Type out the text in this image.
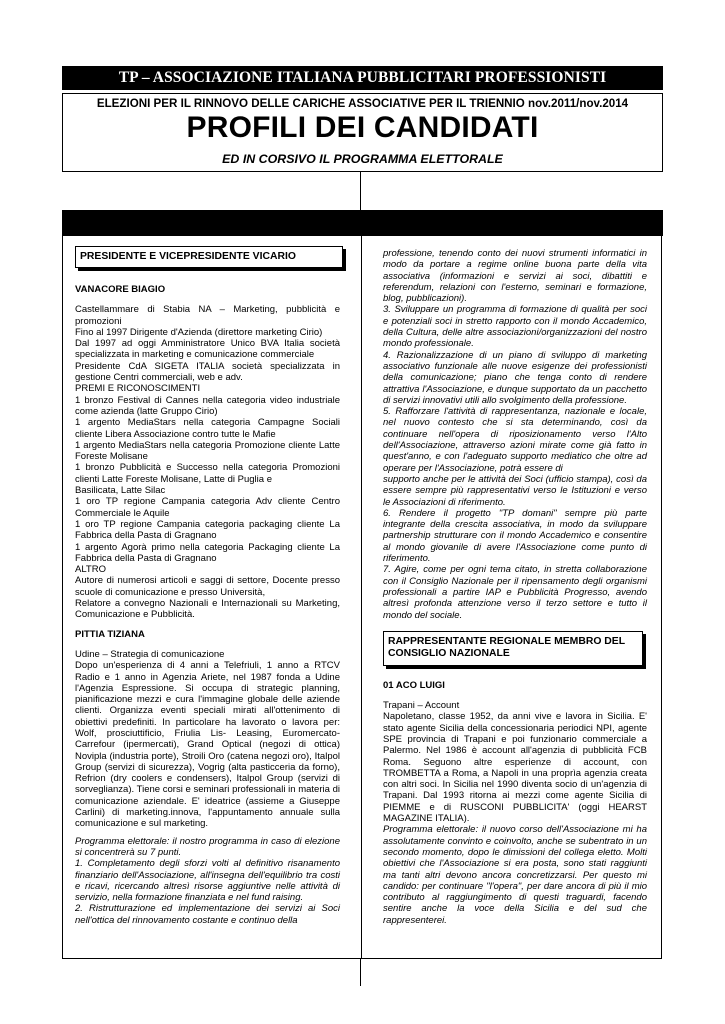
TP – ASSOCIAZIONE ITALIANA PUBBLICITARI PROFESSIONISTI
ELEZIONI PER IL RINNOVO DELLE CARICHE ASSOCIATIVE PER IL TRIENNIO nov.2011/nov.2014
PROFILI DEI CANDIDATI
ED IN CORSIVO IL PROGRAMMA ELETTORALE
PRESIDENTE E VICEPRESIDENTE VICARIO

VANACORE BIAGIO

Castellammare di Stabia NA – Marketing, pubblicità e promozioni

Fino al 1997 Dirigente d'Azienda (direttore marketing Cirio)

Dal 1997 ad oggi Amministratore Unico BVA Italia società specializzata in marketing e comunicazione commerciale

Presidente CdA SIGETA ITALIA società specializzata in gestione Centri commerciali, web e adv.

PREMI E RICONOSCIMENTI

1 bronzo Festival di Cannes nella categoria video industriale come azienda (latte Gruppo Cirio)

1 argento MediaStars nella categoria Campagne Sociali cliente Libera Associazione contro tutte le Mafie

1 argento MediaStars nella categoria Promozione cliente Latte Foreste Molisane

1 bronzo Pubblicità e Successo nella categoria Promozioni clienti Latte Foreste Molisane, Latte di Puglia e

Basilicata, Latte Silac

1 oro TP regione Campania categoria Adv cliente Centro Commerciale le Aquile

1 oro TP regione Campania categoria packaging cliente La Fabbrica della Pasta di Gragnano

1 argento Agorà primo nella categoria Packaging cliente La Fabbrica della Pasta di Gragnano

ALTRO

Autore di numerosi articoli e saggi di settore, Docente presso scuole di comunicazione e presso Università,

Relatore a convegno Nazionali e Internazionali su Marketing, Comunicazione e Pubblicità.

PITTIA TIZIANA

Udine – Strategia di comunicazione

Dopo un'esperienza di 4 anni a Telefriuli, 1 anno a RTCV Radio e 1 anno in Agenzia Ariete, nel 1987 fonda a Udine l'Agenzia Espressione. Si occupa di strategic planning, pianificazione mezzi e cura l'immagine globale delle aziende clienti. Organizza eventi speciali mirati all'ottenimento di obiettivi predefiniti. In particolare ha lavorato o lavora per: Wolf, prosciuttificio, Friulia Lis- Leasing, Euromercato-Carrefour (ipermercati), Grand Optical (negozi di ottica) Novipla (industria porte), Stroili Oro (catena negozi oro), Italpol Group (servizi di sicurezza), Vogrig (alta pasticceria da forno), Refrion (dry coolers e condensers), Italpol Group (servizi di sorveglianza). Tiene corsi e seminari professionali in materia di comunicazione aziendale. E' ideatrice (assieme a Giuseppe Carlini) di marketing.innova, l'appuntamento annuale sulla comunicazione e sul marketing.

Programma elettorale: il nostro programma in caso di elezione si concentrerà su 7 punti.

1. Completamento degli sforzi volti al definitivo risanamento finanziario dell'Associazione, all'insegna dell'equilibrio tra costi e ricavi, ricercando altresì risorse aggiuntive nelle attività di servizio, nella formazione finanziata e nel fund raising.

2. Ristrutturazione ed implementazione dei servizi ai Soci nell'ottica del rinnovamento costante e continuo della

professione, tenendo conto dei nuovi strumenti informatici in modo da portare a regime online buona parte della vita associativa (informazioni e servizi ai soci, dibattiti e referendum, relazioni con l'esterno, seminari e formazione, blog, pubblicazioni).

3. Sviluppare un programma di formazione di qualità per soci e potenziali soci in stretto rapporto con il mondo Accademico, della Cultura, delle altre associazioni/organizzazioni del nostro mondo professionale.

4. Razionalizzazione di un piano di sviluppo di marketing associativo funzionale alle nuove esigenze dei professionisti della comunicazione; piano che tenga conto di rendere attrattiva l'Associazione, e dunque supportato da un pacchetto di servizi innovativi utili allo svolgimento della professione.

5. Rafforzare l'attività di rappresentanza, nazionale e locale, nel nuovo contesto che si sta determinando, così da continuare nell'opera di riposizionamento verso l'Alto dell'Associazione, attraverso azioni mirate come già fatto in quest'anno, e con l'adeguato supporto mediatico che oltre ad operare per l'Associazione, potrà essere di

supporto anche per le attività dei Soci (ufficio stampa), così da essere sempre più rappresentativi verso le Istituzioni e verso le Associazioni di riferimento.

6. Rendere il progetto "TP domani" sempre più parte integrante della crescita associativa, in modo da sviluppare partnership strutturare con il mondo Accademico e consentire al mondo giovanile di avere l'Associazione come punto di riferimento.

7. Agire, come per ogni tema citato, in stretta collaborazione con il Consiglio Nazionale per il ripensamento degli organismi professionali a partire IAP e Pubblicità Progresso, avendo altresì profonda attenzione verso il terzo settore e tutto il mondo del sociale.

RAPPRESENTANTE REGIONALE MEMBRO DEL CONSIGLIO NAZIONALE

01 ACO LUIGI

Trapani – Account

Napoletano, classe 1952, da anni vive e lavora in Sicilia. E' stato agente Sicilia della concessionaria periodici NPI, agente SPE provincia di Trapani e poi funzionario commerciale a Palermo. Nel 1986 è account all'agenzia di pubblicità FCB Roma. Seguono altre esperienze di account, con TROMBETTA a Roma, a Napoli in una proprìa agenzia creata con altri soci. In Sicilia nel 1990 diventa socio di un'agenzia di Trapani. Dal 1993 ritorna ai mezzi come agente Sicilia di PIEMME e di RUSCONI PUBBLICITA' (oggi HEARST MAGAZINE ITALIA).

Programma elettorale: il nuovo corso dell'Associazione mi ha assolutamente convinto e coinvolto, anche se subentrato in un secondo momento, dopo le dimissioni del collega eletto. Molti obiettivi che l'Associazione si era posta, sono stati raggiunti ma tanti altri devono ancora concretizzarsi. Per questo mi candido: per continuare "l'opera", per dare ancora di più il mio contributo al raggiungimento di questi traguardi, facendo sentire anche la voce della Sicilia e del sud che rappresenterei.
